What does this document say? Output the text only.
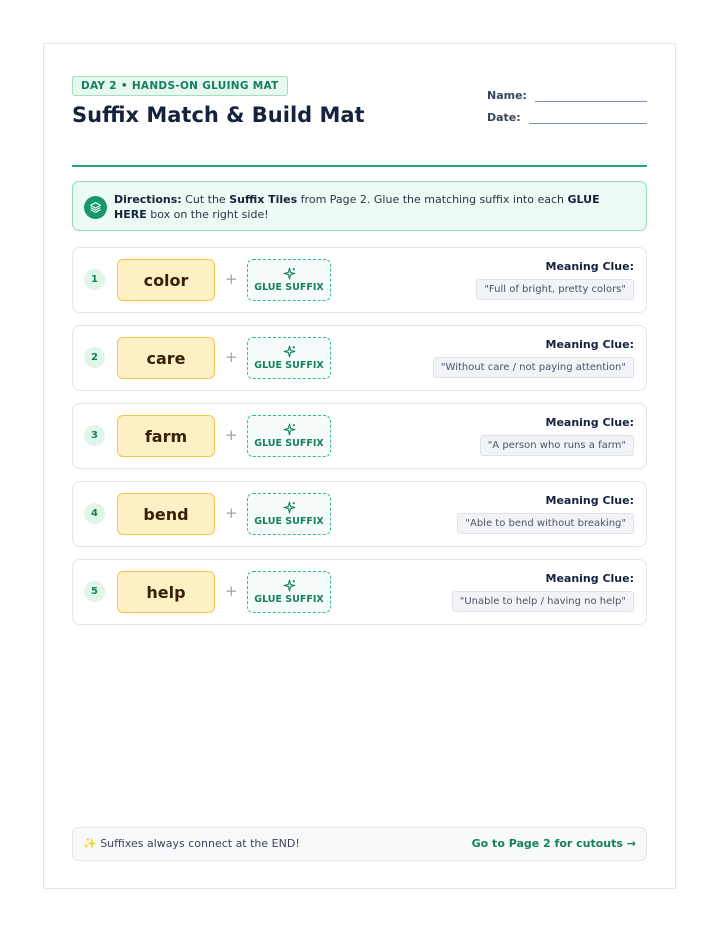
DAY 2 • HANDS-ON GLUING MAT
Suffix Match & Build Mat
Name:
Date:
Directions: Cut the Suffix Tiles from Page 2. Glue the matching suffix into each GLUE HERE box on the right side!
1	color	+ GLUE SUFFIX
Meaning Clue:
"Full of bright, pretty colors"
2	care	+ GLUE SUFFIX
Meaning Clue:
"Without care / not paying attention"
3	farm	+ GLUE SUFFIX
Meaning Clue:
"A person who runs a farm"
4	bend	+ GLUE SUFFIX
Meaning Clue:
"Able to bend without breaking"
5	help	+ GLUE SUFFIX
Meaning Clue:
"Unable to help / having no help"
✨ Suffixes always connect at the END!	Go to Page 2 for cutouts →
